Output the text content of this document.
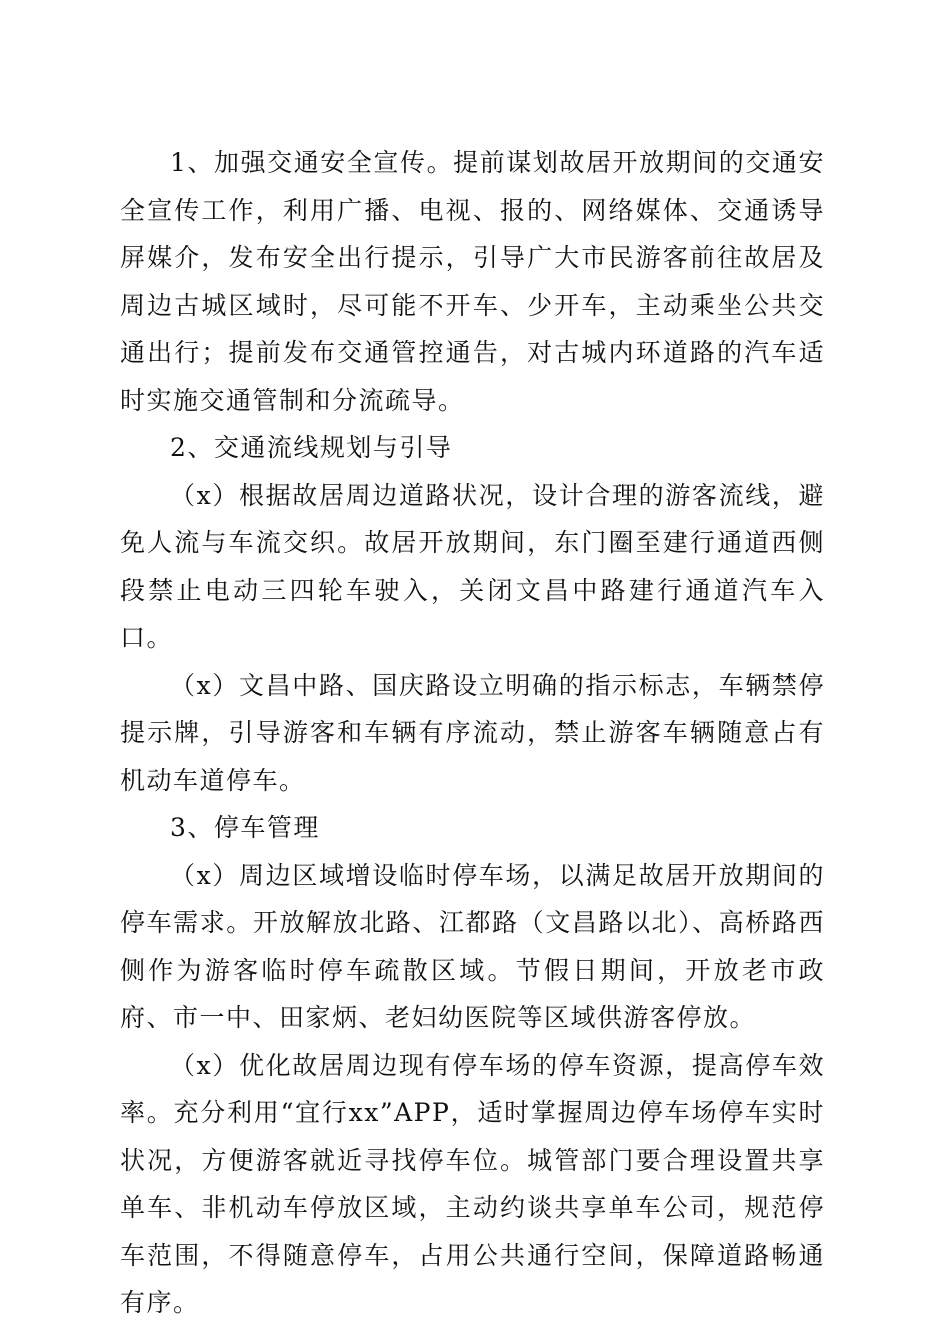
1、加强交通安全宣传。提前谋划故居开放期间的交通安全宣传工作，利用广播、电视、报的、网络媒体、交通诱导屏媒介，发布安全出行提示，引导广大市民游客前往故居及周边古城区域时，尽可能不开车、少开车，主动乘坐公共交通出行；提前发布交通管控通告，对古城内环道路的汽车适时实施交通管制和分流疏导。

2、交通流线规划与引导

（x）根据故居周边道路状况，设计合理的游客流线，避免人流与车流交织。故居开放期间，东门圈至建行通道西侧段禁止电动三四轮车驶入，关闭文昌中路建行通道汽车入口。

（x）文昌中路、国庆路设立明确的指示标志，车辆禁停提示牌，引导游客和车辆有序流动，禁止游客车辆随意占有机动车道停车。

3、停车管理

（x）周边区域增设临时停车场，以满足故居开放期间的停车需求。开放解放北路、江都路（文昌路以北）、高桥路西侧作为游客临时停车疏散区域。节假日期间，开放老市政府、市一中、田家炳、老妇幼医院等区域供游客停放。

（x）优化故居周边现有停车场的停车资源，提高停车效率。充分利用“宜行xx”APP，适时掌握周边停车场停车实时状况，方便游客就近寻找停车位。城管部门要合理设置共享单车、非机动车停放区域，主动约谈共享单车公司，规范停车范围，不得随意停车，占用公共通行空间，保障道路畅通有序。
